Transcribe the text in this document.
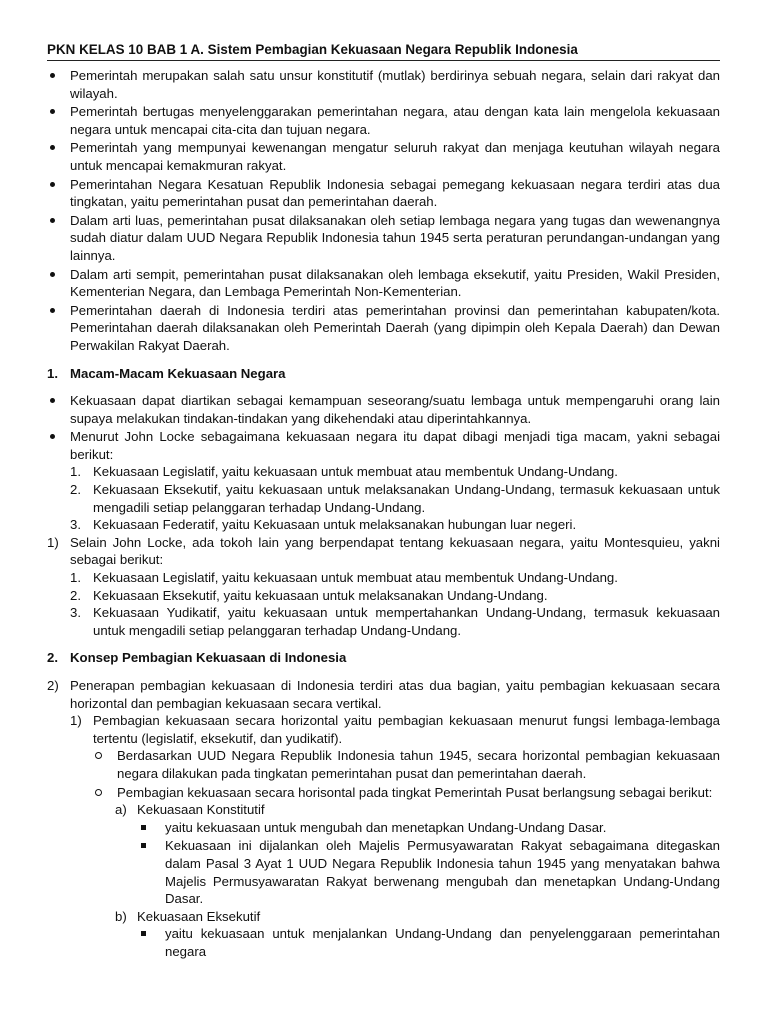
PKN KELAS 10 BAB 1 A. Sistem Pembagian Kekuasaan Negara Republik Indonesia
Pemerintah merupakan salah satu unsur konstitutif (mutlak) berdirinya sebuah negara, selain dari rakyat dan wilayah.
Pemerintah bertugas menyelenggarakan pemerintahan negara, atau dengan kata lain mengelola kekuasaan negara untuk mencapai cita-cita dan tujuan negara.
Pemerintah yang mempunyai kewenangan mengatur seluruh rakyat dan menjaga keutuhan wilayah negara untuk mencapai kemakmuran rakyat.
Pemerintahan Negara Kesatuan Republik Indonesia sebagai pemegang kekuasaan negara terdiri atas dua tingkatan, yaitu pemerintahan pusat dan pemerintahan daerah.
Dalam arti luas, pemerintahan pusat dilaksanakan oleh setiap lembaga negara yang tugas dan wewenangnya sudah diatur dalam UUD Negara Republik Indonesia tahun 1945 serta peraturan perundangan-undangan yang lainnya.
Dalam arti sempit, pemerintahan pusat dilaksanakan oleh lembaga eksekutif, yaitu Presiden, Wakil Presiden, Kementerian Negara, dan Lembaga Pemerintah Non-Kementerian.
Pemerintahan daerah di Indonesia terdiri atas pemerintahan provinsi dan pemerintahan kabupaten/kota. Pemerintahan daerah dilaksanakan oleh Pemerintah Daerah (yang dipimpin oleh Kepala Daerah) dan Dewan Perwakilan Rakyat Daerah.
1. Macam-Macam Kekuasaan Negara
Kekuasaan dapat diartikan sebagai kemampuan seseorang/suatu lembaga untuk mempengaruhi orang lain supaya melakukan tindakan-tindakan yang dikehendaki atau diperintahkannya.
Menurut John Locke sebagaimana kekuasaan negara itu dapat dibagi menjadi tiga macam, yakni sebagai berikut:
1. Kekuasaan Legislatif, yaitu kekuasaan untuk membuat atau membentuk Undang-Undang.
2. Kekuasaan Eksekutif, yaitu kekuasaan untuk melaksanakan Undang-Undang, termasuk kekuasaan untuk mengadili setiap pelanggaran terhadap Undang-Undang.
3. Kekuasaan Federatif, yaitu Kekuasaan untuk melaksanakan hubungan luar negeri.
1) Selain John Locke, ada tokoh lain yang berpendapat tentang kekuasaan negara, yaitu Montesquieu, yakni sebagai berikut:
1. Kekuasaan Legislatif, yaitu kekuasaan untuk membuat atau membentuk Undang-Undang.
2. Kekuasaan Eksekutif, yaitu kekuasaan untuk melaksanakan Undang-Undang.
3. Kekuasaan Yudikatif, yaitu kekuasaan untuk mempertahankan Undang-Undang, termasuk kekuasaan untuk mengadili setiap pelanggaran terhadap Undang-Undang.
2. Konsep Pembagian Kekuasaan di Indonesia
2) Penerapan pembagian kekuasaan di Indonesia terdiri atas dua bagian, yaitu pembagian kekuasaan secara horizontal dan pembagian kekuasaan secara vertikal.
1) Pembagian kekuasaan secara horizontal yaitu pembagian kekuasaan menurut fungsi lembaga-lembaga tertentu (legislatif, eksekutif, dan yudikatif).
Berdasarkan UUD Negara Republik Indonesia tahun 1945, secara horizontal pembagian kekuasaan negara dilakukan pada tingkatan pemerintahan pusat dan pemerintahan daerah.
Pembagian kekuasaan secara horisontal pada tingkat Pemerintah Pusat berlangsung sebagai berikut:
a) Kekuasaan Konstitutif
yaitu kekuasaan untuk mengubah dan menetapkan Undang-Undang Dasar.
Kekuasaan ini dijalankan oleh Majelis Permusyawaratan Rakyat sebagaimana ditegaskan dalam Pasal 3 Ayat 1 UUD Negara Republik Indonesia tahun 1945 yang menyatakan bahwa Majelis Permusyawaratan Rakyat berwenang mengubah dan menetapkan Undang-Undang Dasar.
b) Kekuasaan Eksekutif
yaitu kekuasaan untuk menjalankan Undang-Undang dan penyelenggaraan pemerintahan negara
